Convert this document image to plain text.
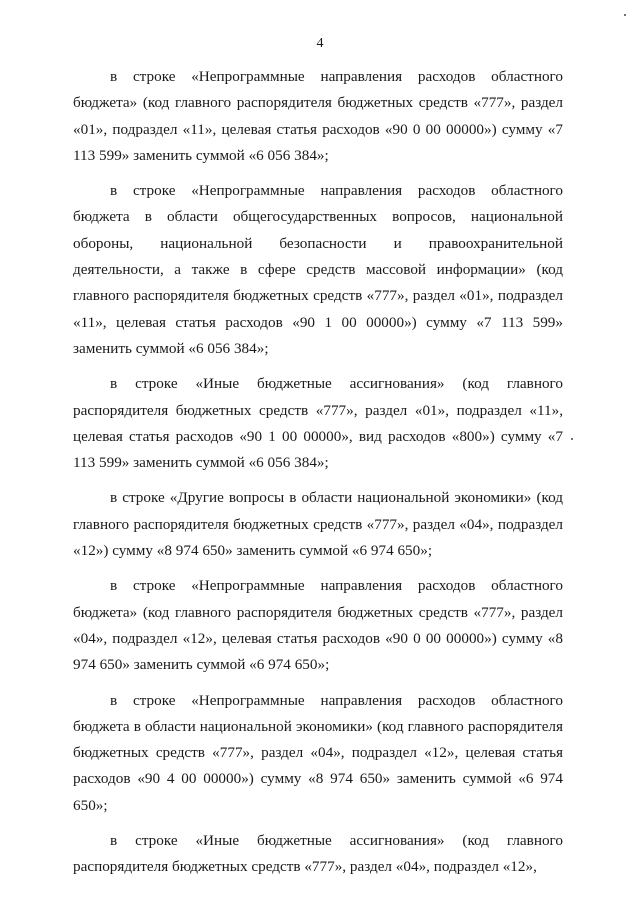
4

в строке «Непрограммные направления расходов областного бюджета» (код главного распорядителя бюджетных средств «777», раздел «01», подраздел «11», целевая статья расходов «90 0 00 00000») сумму «7 113 599» заменить суммой «6 056 384»;

в строке «Непрограммные направления расходов областного бюджета в области общегосударственных вопросов, национальной обороны, национальной безопасности и правоохранительной деятельности, а также в сфере средств массовой информации» (код главного распорядителя бюджетных средств «777», раздел «01», подраздел «11», целевая статья расходов «90 1 00 00000») сумму «7 113 599» заменить суммой «6 056 384»;

в строке «Иные бюджетные ассигнования» (код главного распорядителя бюджетных средств «777», раздел «01», подраздел «11», целевая статья расходов «90 1 00 00000», вид расходов «800») сумму «7 113 599» заменить суммой «6 056 384»;

в строке «Другие вопросы в области национальной экономики» (код главного распорядителя бюджетных средств «777», раздел «04», подраздел «12») сумму «8 974 650» заменить суммой «6 974 650»;

в строке «Непрограммные направления расходов областного бюджета» (код главного распорядителя бюджетных средств «777», раздел «04», подраздел «12», целевая статья расходов «90 0 00 00000») сумму «8 974 650» заменить суммой «6 974 650»;

в строке «Непрограммные направления расходов областного бюджета в области национальной экономики» (код главного распорядителя бюджетных средств «777», раздел «04», подраздел «12», целевая статья расходов «90 4 00 00000») сумму «8 974 650» заменить суммой «6 974 650»;

в строке «Иные бюджетные ассигнования» (код главного распорядителя бюджетных средств «777», раздел «04», подраздел «12»,
